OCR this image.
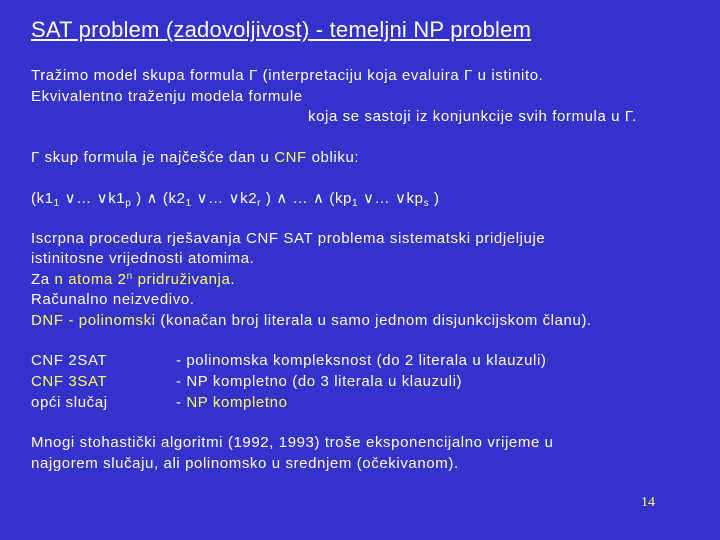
SAT problem (zadovoljivost) - temeljni NP problem
Tražimo model skupa formula Γ (interpretaciju koja evaluira Γ u istinito.
Ekvivalentno traženju modela formule
koja se sastoji iz konjunkcije svih formula u Γ.
Γ skup formula je najčešće dan u CNF obliku:
($k1_1$ ∨… $\vee k1_p$ ) ∧ ($k2_1$ ∨… $\vee k2_r$ ) ∧ … ∧ ($kp_1$ ∨… $\vee kp_s$ )
Iscrpna procedura rješavanja CNF SAT problema sistematski pridjeljuje
istinitosne vrijednosti atomima.
Za n atoma 2$^n$ pridruživanja.
Računalno neizvedivo.
DNF - polinomski (konačan broj literala u samo jednom disjunkcijskom članu).
CNF 2SAT	- polinomska kompleksnost (do 2 literala u klauzuli)
CNF 3SAT	- NP kompletno (do 3 literala u klauzuli)
opći slučaj	- NP kompletno
Mnogi stohastički algoritmi (1992, 1993) troše eksponencijalno vrijeme u
najgorem slučaju, ali polinomsko u srednjem (očekivanom).
14
